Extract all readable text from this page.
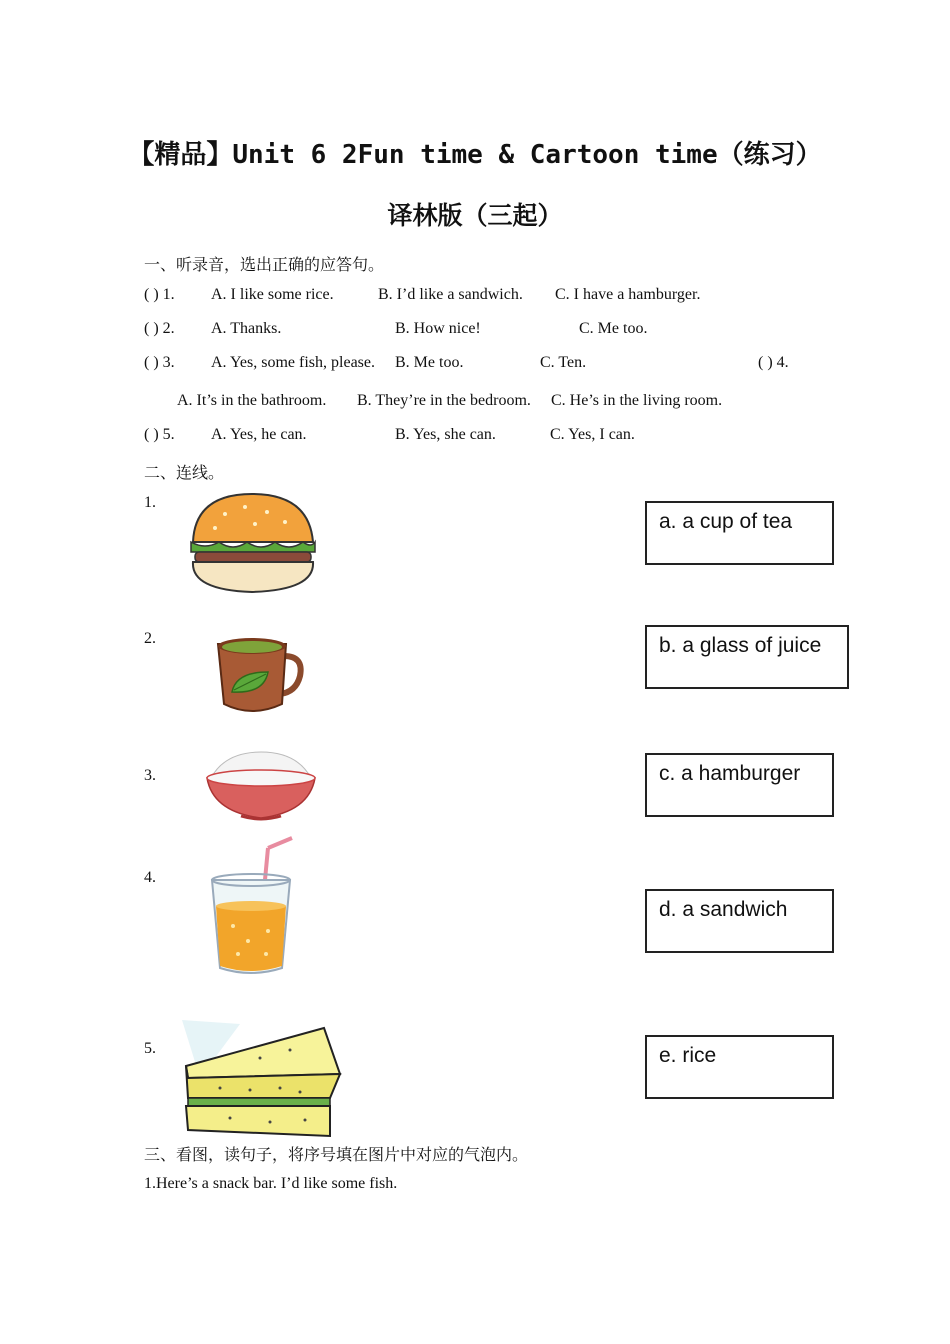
【精品】Unit 6 2Fun time & Cartoon time（练习）
译林版（三起）
一、听录音，选出正确的应答句。
( ) 1. A. I like some rice.	B. I’d like a sandwich. C. I have a hamburger.
( ) 2. A. Thanks.	B. How nice!	C. Me too.
( ) 3. A. Yes, some fish, please. B. Me too.	C. Ten.	( ) 4.
A. It’s in the bathroom. B. They’re in the bedroom. C. He’s in the living room.
( ) 5. A. Yes, he can.	B. Yes, she can.	C. Yes, I can.
二、连线。
1.
2.
3.
4.
5.
a. a cup of tea
b. a glass of juice
c. a hamburger
d. a sandwich
e. rice
三、看图，读句子，将序号填在图片中对应的气泡内。
1.Here’s a snack bar. I’d like some fish.
